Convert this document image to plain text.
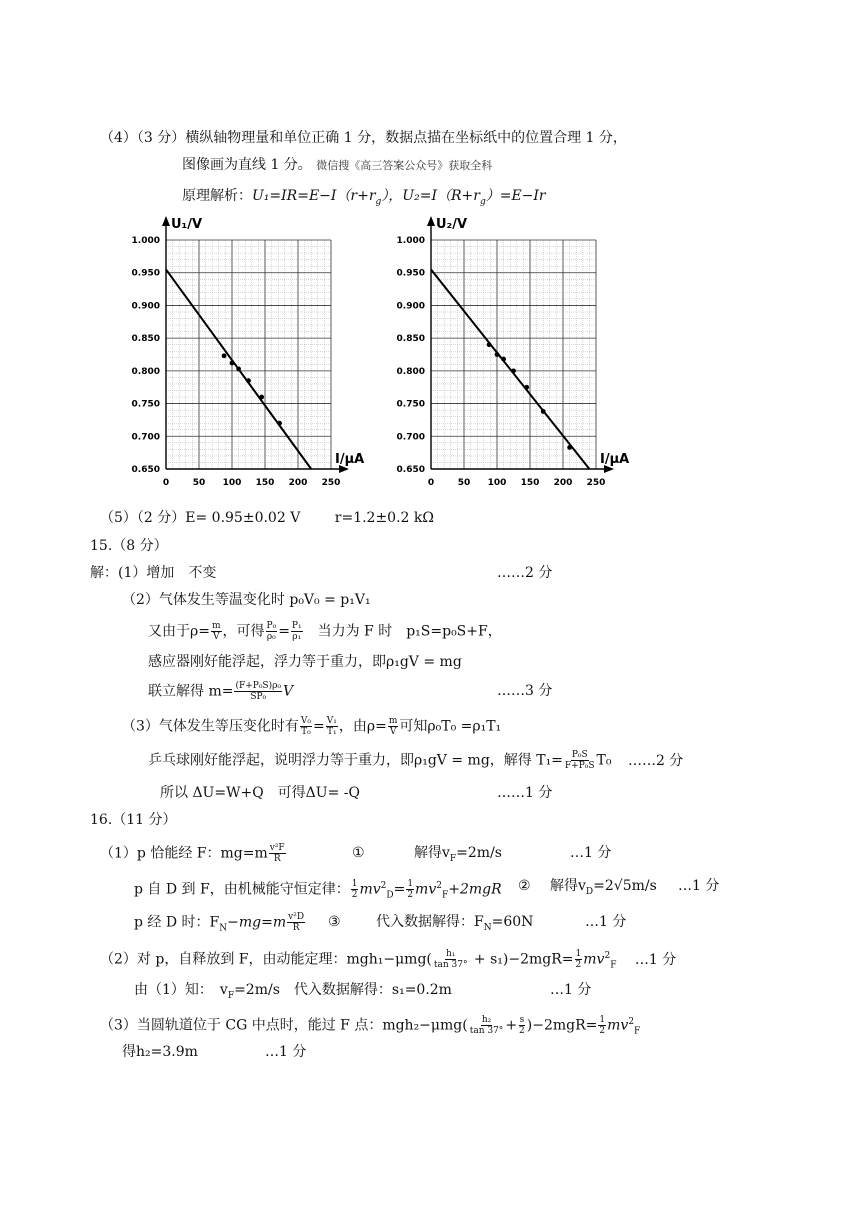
（4）（3 分）横纵轴物理量和单位正确 1 分，数据点描在坐标纸中的位置合理 1 分，
图像画为直线 1 分。 微信搜《高三答案公众号》获取全科
原理解析：$U_1=IR=E-I(r+r_g)$，$U_2=I(R+r_g)=E-Ir$
U₁/V
I/μA
0.650
0.700
0.750
0.800
0.850
0.900
0.950
1.000
0	50 100 150 200 250
U₂/V
I/μA
0.650
0.700
0.750
0.800
0.850
0.900
0.950
1.000
0	50 100 150 200 250
（5）（2 分）E= 0.95±0.02 V r=1.2±0.2 kΩ
15.（8 分）
解：(1）增加　不变	……2 分
（2）气体发生等温变化时 p₀V₀ = p₁V₁
又由于$\rho= \frac{m}{V}$ ，可得 $\frac{\text{P₀}}{\text{ρ₀}} = \frac{\text{P₁}}{\text{ρ₁}}$ 　当力为 F 时　p₁S=p₀S+F，
感应器刚好能浮起，浮力等于重力，即ρ₁gV = mg
联立解得 $m= \frac{\text{(F+P₀S)ρ₀}}{\text{SP₀}}$ V	……3 分
（3）气体发生等压变化时有 $\frac{\text{V₀}}{\text{T₀}} = \frac{\text{V₁}}{\text{T₁}}$ ，由$\rho= \frac{m}{V}$ 可知ρ₀T₀ =ρ₁T₁
乒乓球刚好能浮起，说明浮力等于重力，即ρ₁gV = mg，解得 $T_1= \frac{\text{P₀S}}{\text{F+P₀S}} T_0$ ……2 分
所以 ΔU=W+Q　可得ΔU= -Q	……1 分
16.（11 分）
（1）p 恰能经 F：$mg=m \frac{\text{v²F}}{R}$	①	解得$v_F=2m/s$	…1 分
p 自 D 到 F，由机械能守恒定律： $\frac{1}{2} mv^2_D= \frac{1}{2} mv^2_F+2mgR$ ② 解得$v_D=2√5m/s$ …1 分
p 经 D 时：$F_N-mg=m \frac{\text{v²D}}{R}$ ③	代入数据解得：$F_N=60N$	…1 分
（2）对 p，自释放到 F，由动能定理：$mgh_1-\mu mg( \frac{\text{h₁}}{\tan 37^\circ} + s_1)-2mgR= \frac{1}{2} mv^2_F$ …1 分
由（1）知：　$v_F=2m/s$　代入数据解得：s₁=0.2m	…1 分
（3）当圆轨道位于 CG 中点时，能过 F 点：$mgh_2-\mu mg( \frac{\text{h₂}}{\tan 37^\circ} + \frac{s}{2} )-2mgR= \frac{1}{2} mv^2_F$
得h₂=3.9m	…1 分
